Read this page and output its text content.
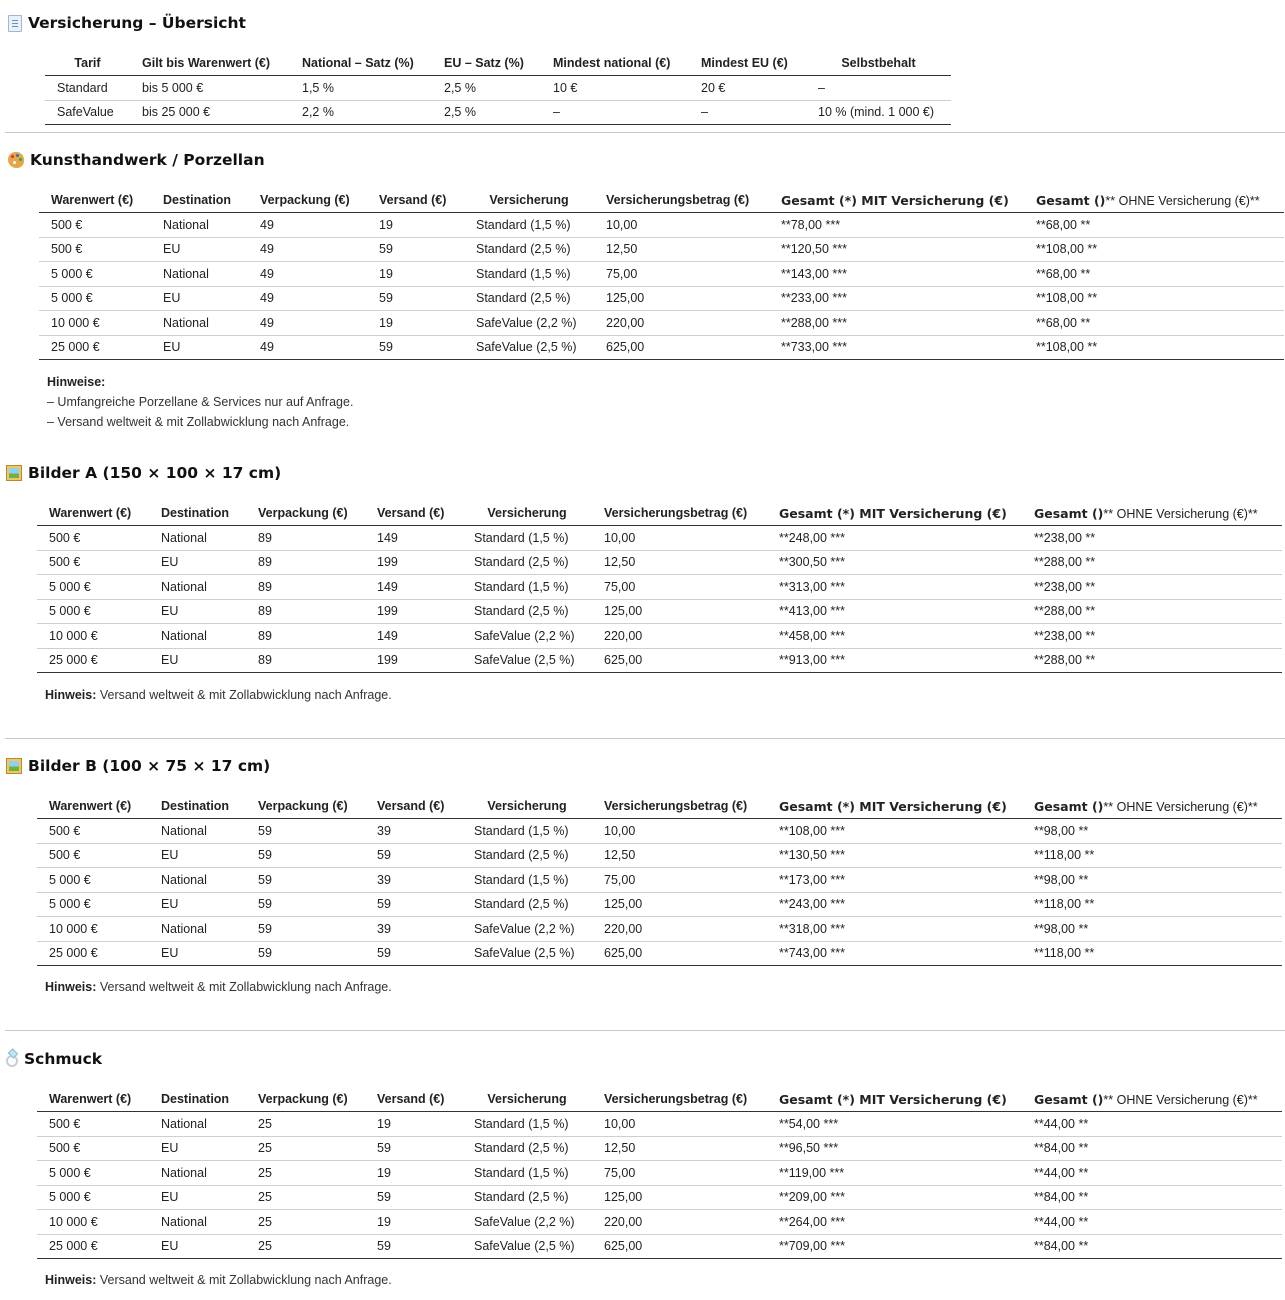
Versicherung – Übersicht
Tarif	Gilt bis Warenwert (€)	National – Satz (%)	EU – Satz (%)	Mindest national (€)	Mindest EU (€)	Selbstbehalt
Standard	bis 5 000 €	1,5 %	2,5 %	10 €	20 €	–
SafeValue	bis 25 000 €	2,2 %	2,5 %	–	–	10 % (mind. 1 000 €)
Kunsthandwerk / Porzellan
Warenwert (€)	Destination	Verpackung (€)	Versand (€)	Versicherung	Versicherungsbetrag (€)	Gesamt (*) MIT Versicherung (€)	Gesamt ()** OHNE Versicherung (€)**
500 €	National	49	19	Standard (1,5 %)	10,00	**78,00 ***	**68,00 **
500 €	EU	49	59	Standard (2,5 %)	12,50	**120,50 ***	**108,00 **
5 000 €	National	49	19	Standard (1,5 %)	75,00	**143,00 ***	**68,00 **
5 000 €	EU	49	59	Standard (2,5 %)	125,00	**233,00 ***	**108,00 **
10 000 €	National	49	19	SafeValue (2,2 %)	220,00	**288,00 ***	**68,00 **
25 000 €	EU	49	59	SafeValue (2,5 %)	625,00	**733,00 ***	**108,00 **
Hinweise:
– Umfangreiche Porzellane & Services nur auf Anfrage.
– Versand weltweit & mit Zollabwicklung nach Anfrage.
Bilder A (150 × 100 × 17 cm)
Warenwert (€)	Destination	Verpackung (€)	Versand (€)	Versicherung	Versicherungsbetrag (€)	Gesamt (*) MIT Versicherung (€)	Gesamt ()** OHNE Versicherung (€)**
500 €	National	89	149	Standard (1,5 %)	10,00	**248,00 ***	**238,00 **
500 €	EU	89	199	Standard (2,5 %)	12,50	**300,50 ***	**288,00 **
5 000 €	National	89	149	Standard (1,5 %)	75,00	**313,00 ***	**238,00 **
5 000 €	EU	89	199	Standard (2,5 %)	125,00	**413,00 ***	**288,00 **
10 000 €	National	89	149	SafeValue (2,2 %)	220,00	**458,00 ***	**238,00 **
25 000 €	EU	89	199	SafeValue (2,5 %)	625,00	**913,00 ***	**288,00 **
Hinweis: Versand weltweit & mit Zollabwicklung nach Anfrage.
Bilder B (100 × 75 × 17 cm)
Warenwert (€)	Destination	Verpackung (€)	Versand (€)	Versicherung	Versicherungsbetrag (€)	Gesamt (*) MIT Versicherung (€)	Gesamt ()** OHNE Versicherung (€)**
500 €	National	59	39	Standard (1,5 %)	10,00	**108,00 ***	**98,00 **
500 €	EU	59	59	Standard (2,5 %)	12,50	**130,50 ***	**118,00 **
5 000 €	National	59	39	Standard (1,5 %)	75,00	**173,00 ***	**98,00 **
5 000 €	EU	59	59	Standard (2,5 %)	125,00	**243,00 ***	**118,00 **
10 000 €	National	59	39	SafeValue (2,2 %)	220,00	**318,00 ***	**98,00 **
25 000 €	EU	59	59	SafeValue (2,5 %)	625,00	**743,00 ***	**118,00 **
Hinweis: Versand weltweit & mit Zollabwicklung nach Anfrage.
Schmuck
Warenwert (€)	Destination	Verpackung (€)	Versand (€)	Versicherung	Versicherungsbetrag (€)	Gesamt (*) MIT Versicherung (€)	Gesamt ()** OHNE Versicherung (€)**
500 €	National	25	19	Standard (1,5 %)	10,00	**54,00 ***	**44,00 **
500 €	EU	25	59	Standard (2,5 %)	12,50	**96,50 ***	**84,00 **
5 000 €	National	25	19	Standard (1,5 %)	75,00	**119,00 ***	**44,00 **
5 000 €	EU	25	59	Standard (2,5 %)	125,00	**209,00 ***	**84,00 **
10 000 €	National	25	19	SafeValue (2,2 %)	220,00	**264,00 ***	**44,00 **
25 000 €	EU	25	59	SafeValue (2,5 %)	625,00	**709,00 ***	**84,00 **
Hinweis: Versand weltweit & mit Zollabwicklung nach Anfrage.
